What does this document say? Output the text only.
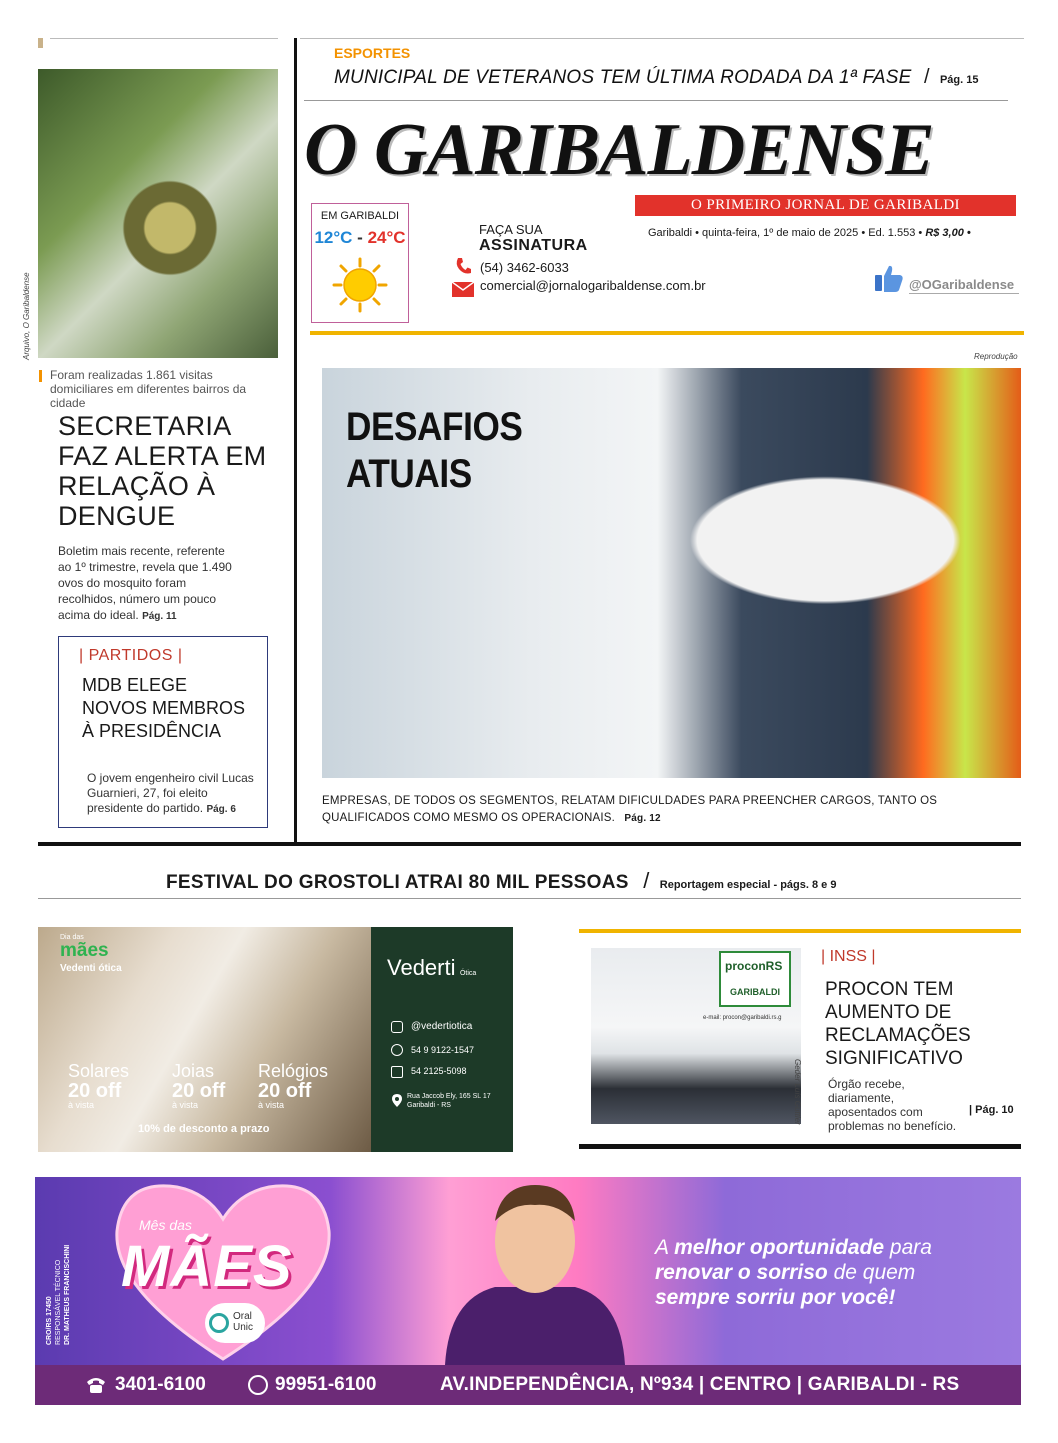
ESPORTES
MUNICIPAL DE VETERANOS TEM ÚLTIMA RODADA DA 1ª FASE / Pág. 15
O GARIBALDENSE
O PRIMEIRO JORNAL DE GARIBALDI
EM GARIBALDI
12°C - 24°C	FAÇA SUA
ASSINATURA
(54) 3462-6033
comercial@jornalogaribaldense.com.br
Garibaldi • quinta-feira, 1º de maio de 2025 • Ed. 1.553 • R$ 3,00 •
@OGaribaldense
Arquivo, O Garibaldense
Foram realizadas 1.861 visitas domiciliares em diferentes bairros da cidade
SECRETARIA FAZ ALERTA EM RELAÇÃO À DENGUE
Boletim mais recente, referente ao 1º trimestre, revela que 1.490 ovos do mosquito foram recolhidos, número um pouco acima do ideal. Pág. 11
| PARTIDOS |
MDB ELEGE NOVOS MEMBROS À PRESIDÊNCIA
O jovem engenheiro civil Lucas Guarnieri, 27, foi eleito presidente do partido. Pág. 6
Reprodução
DESAFIOS ATUAIS
EMPRESAS, DE TODOS OS SEGMENTOS, RELATAM DIFICULDADES PARA PREENCHER CARGOS, TANTO OS QUALIFICADOS COMO MESMO OS OPERACIONAIS. Pág. 12
FESTIVAL DO GROSTOLI ATRAI 80 MIL PESSOAS / Reportagem especial - págs. 8 e 9
Dia das
mães
Vedenti ótica
Solares
20 off
à vista
Joias
20 off
à vista
Relógios
20 off
à vista
10% de desconto a prazo
Vederti Ótica
@vedertiotica
54 9 9122-1547
54 2125-5098
Rua Jaccob Ely, 165 SL 17 Garibaldi - RS
proconRS
GARIBALDI
e-mail: procon@garibaldi.rs.g
Geder Luís Guttler
| INSS |
PROCON TEM AUMENTO DE RECLAMAÇÕES SIGNIFICATIVO
Órgão recebe, diariamente, aposentados com problemas no benefício.
| Pág. 10
CRO/RS 17450 RESPONSÁVEL TÉCNICO DR. MATHEUS FRANCISCHINI
Mês das
MÃES
Oral Unic
A melhor oportunidade para
renovar o sorriso de quem
sempre sorriu por você!
3401-6100	99951-6100	AV.INDEPENDÊNCIA, Nº934 | CENTRO | GARIBALDI - RS
